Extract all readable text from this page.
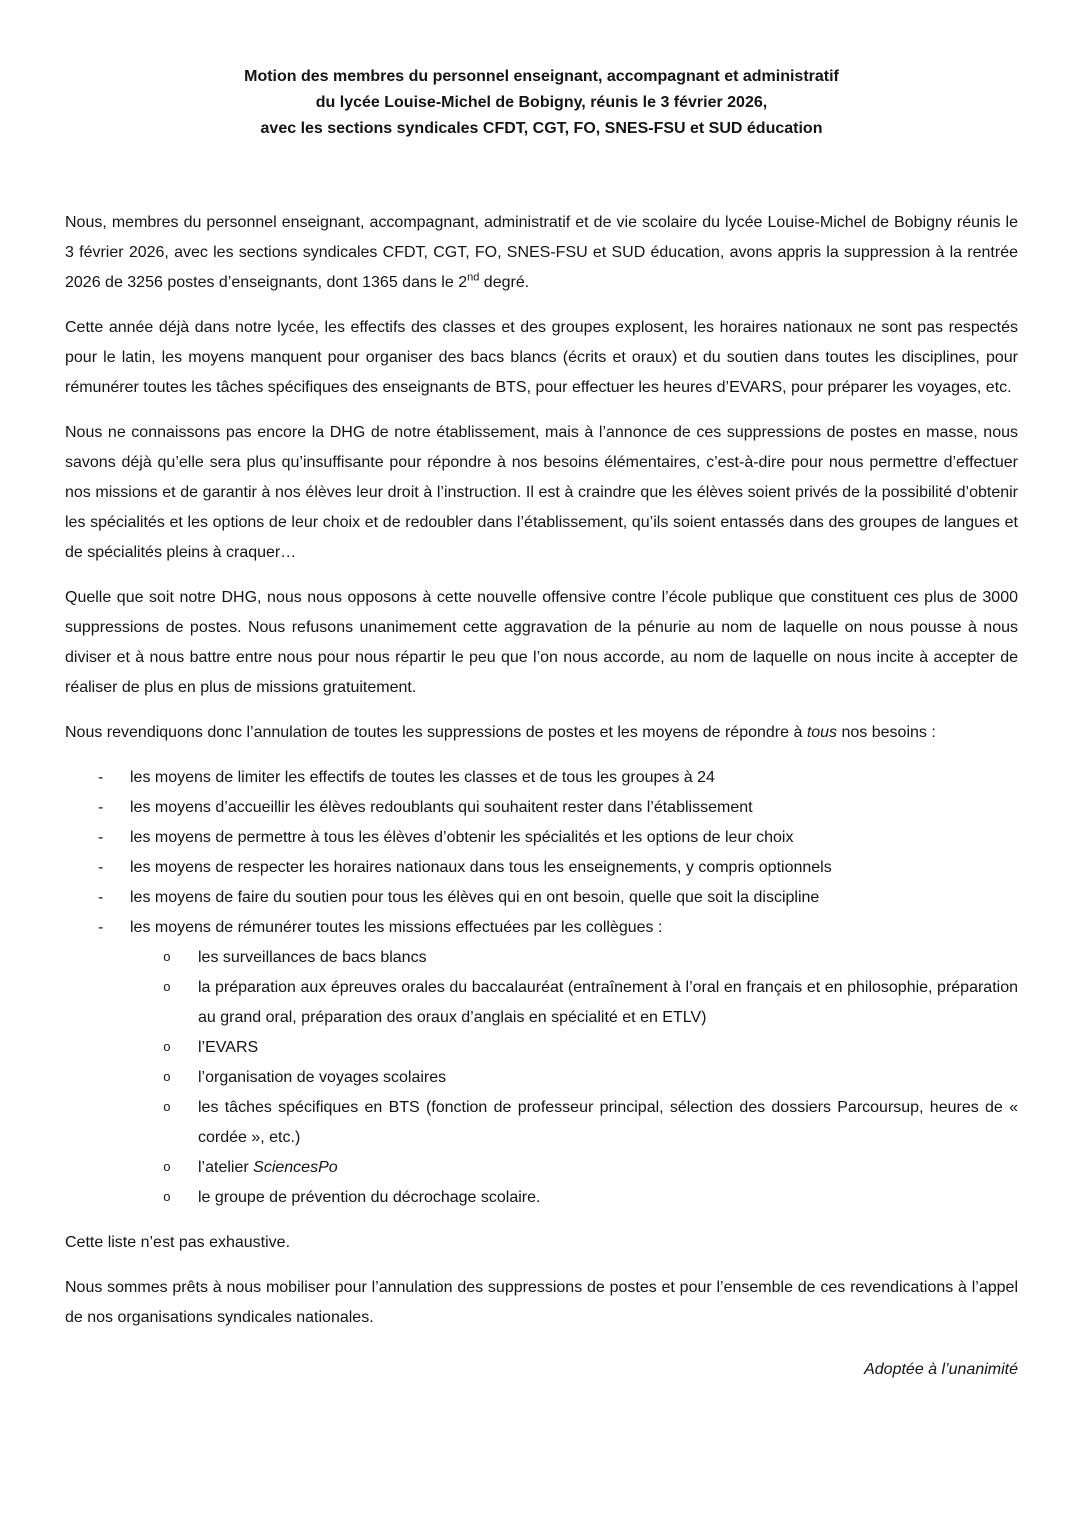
Motion des membres du personnel enseignant, accompagnant et administratif
du lycée Louise-Michel de Bobigny, réunis le 3 février 2026,
avec les sections syndicales CFDT, CGT, FO, SNES-FSU et SUD éducation

Nous, membres du personnel enseignant, accompagnant, administratif et de vie scolaire du lycée Louise-Michel de Bobigny réunis le 3 février 2026, avec les sections syndicales CFDT, CGT, FO, SNES-FSU et SUD éducation, avons appris la suppression à la rentrée 2026 de 3256 postes d’enseignants, dont 1365 dans le 2nd degré.

Cette année déjà dans notre lycée, les effectifs des classes et des groupes explosent, les horaires nationaux ne sont pas respectés pour le latin, les moyens manquent pour organiser des bacs blancs (écrits et oraux) et du soutien dans toutes les disciplines, pour rémunérer toutes les tâches spécifiques des enseignants de BTS, pour effectuer les heures d’EVARS, pour préparer les voyages, etc.

Nous ne connaissons pas encore la DHG de notre établissement, mais à l’annonce de ces suppressions de postes en masse, nous savons déjà qu’elle sera plus qu’insuffisante pour répondre à nos besoins élémentaires, c’est-à-dire pour nous permettre d’effectuer nos missions et de garantir à nos élèves leur droit à l’instruction. Il est à craindre que les élèves soient privés de la possibilité d’obtenir les spécialités et les options de leur choix et de redoubler dans l’établissement, qu’ils soient entassés dans des groupes de langues et de spécialités pleins à craquer…

Quelle que soit notre DHG, nous nous opposons à cette nouvelle offensive contre l’école publique que constituent ces plus de 3000 suppressions de postes. Nous refusons unanimement cette aggravation de la pénurie au nom de laquelle on nous pousse à nous diviser et à nous battre entre nous pour nous répartir le peu que l’on nous accorde, au nom de laquelle on nous incite à accepter de réaliser de plus en plus de missions gratuitement.

Nous revendiquons donc l’annulation de toutes les suppressions de postes et les moyens de répondre à tous nos besoins :

-	les moyens de limiter les effectifs de toutes les classes et de tous les groupes à 24
-	les moyens d’accueillir les élèves redoublants qui souhaitent rester dans l’établissement
-	les moyens de permettre à tous les élèves d’obtenir les spécialités et les options de leur choix
-	les moyens de respecter les horaires nationaux dans tous les enseignements, y compris optionnels
-	les moyens de faire du soutien pour tous les élèves qui en ont besoin, quelle que soit la discipline
-	les moyens de rémunérer toutes les missions effectuées par les collègues :
o	les surveillances de bacs blancs
o	la préparation aux épreuves orales du baccalauréat (entraînement à l’oral en français et en philosophie, préparation au grand oral, préparation des oraux d’anglais en spécialité et en ETLV)
o	l’EVARS
o	l’organisation de voyages scolaires
o	les tâches spécifiques en BTS (fonction de professeur principal, sélection des dossiers Parcoursup, heures de « cordée », etc.)
o	l’atelier SciencesPo
o	le groupe de prévention du décrochage scolaire.

Cette liste n’est pas exhaustive.

Nous sommes prêts à nous mobiliser pour l’annulation des suppressions de postes et pour l’ensemble de ces revendications à l’appel de nos organisations syndicales nationales.

Adoptée à l’unanimité
